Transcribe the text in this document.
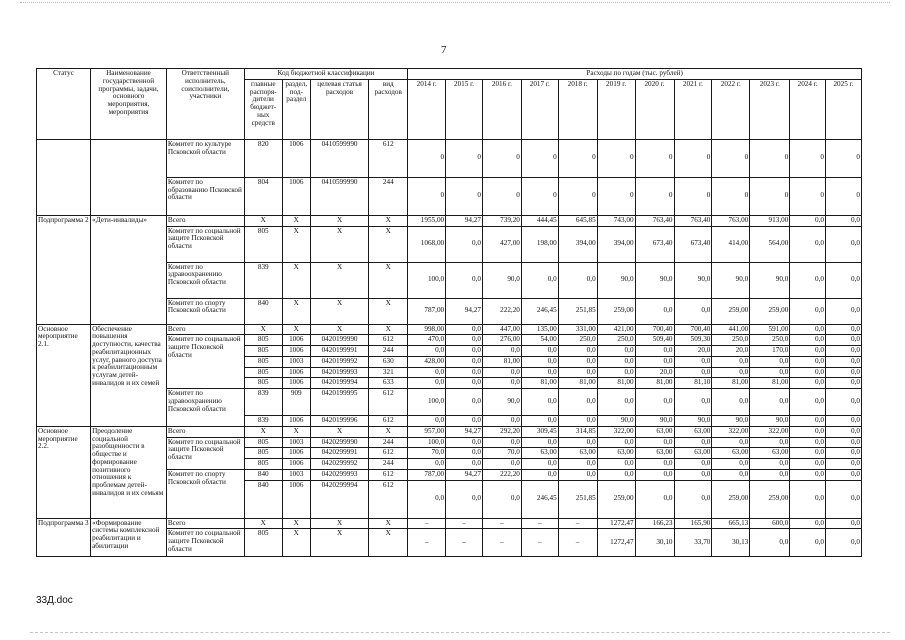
7
Статус	Наименование государственной программы, задачи, основного мероприятия, мероприятия	Ответственный исполнитель, соисполнители, участники	Код бюджетной классификации				Расходы по годам (тыс. рублей)											
			главные распоря-дители бюджет-ных средств	раздел, под-раздел	целевая статья расходов	вид расходов	2014 г.	2015 г.	2016 г.	2017 г.	2018 г.	2019 г.	2020 г.	2021 г.	2022 г.	2023 г.	2024 г.	2025 г.
		Комитет по культуре Псковской области	820	1006	0410599990	612	0	0	0	0	0	0	0	0	0	0	0	0
		Комитет по образованию Псковской области	804	1006	0410599990	244	0	0	0	0	0	0	0	0	0	0	0	0
Подпрограмма 2	«Дети-инвалиды»	Всего	X	X	X	X	1955,00	94,27	739,20	444,45	645,85	743,00	763,40	763,40	763,00	913,00	0,0	0,0
		Комитет по социальной защите Псковской области	805	X	X	X	1068,00	0,0	427,00	198,00	394,00	394,00	673,40	673,40	414,00	564,00	0,0	0,0
		Комитет по здравоохранению Псковской области	839	X	X	X	100,0	0,0	90,0	0,0	0,0	90,0	90,0	90,0	90,0	90,0	0,0	0,0
		Комитет по спорту Псковской области	840	X	X	X	787,00	94,27	222,20	246,45	251,85	259,00	0,0	0,0	259,00	259,00	0,0	0,0
Основное мероприятие 2.1.	Обеспечение повышения доступности, качества реабилитационных услуг, равного доступа к реабилитационным услугам детей-инвалидов и их семей	Всего	X	X	X	X	998,00	0,0	447,00	135,00	331,00	421,00	700,40	700,40	441,00	591,00	0,0	0,0
		Комитет по социальной защите Псковской области	805	1006	0420199990	612	470,0	0,0	276,00	54,00	250,0	250,0	509,40	509,30	250,0	250,0	0,0	0,0
			805	1006	0420199991	244	0,0	0,0	0,0	0,0	0,0	0,0	0,0	20,0	20,0	170,0	0,0	0,0
			805	1003	0420199992	630	428,00	0,0	81,00	0,0	0,0	0,0	0,0	0,0	0,0	0,0	0,0	0,0
			805	1006	0420199993	321	0,0	0,0	0,0	0,0	0,0	0,0	20,0	0,0	0,0	0,0	0,0	0,0
			805	1006	0420199994	633	0,0	0,0	0,0	81,00	81,00	81,00	81,00	81,10	81,00	81,00	0,0	0,0
		Комитет по здравоохранению Псковской области	839	909	0420199995	612	100,0	0,0	90,0	0,0	0,0	0,0	0,0	0,0	0,0	0,0	0,0	0,0
			839	1006	0420199996	612	0,0	0,0	0,0	0,0	0,0	90,0	90,0	90,0	90,0	90,0	0,0	0,0
Основное мероприятие 2.2.	Преодоление социальной разобщенности в обществе и формирование позитивного отношения к проблемам детей-инвалидов и их семьям	Всего	X	X	X	X	957,00	94,27	292,20	309,45	314,85	322,00	63,00	63,00	322,00	322,00	0,0	0,0
		Комитет по социальной защите Псковской области	805	1003	0420299990	244	100,0	0,0	0,0	0,0	0,0	0,0	0,0	0,0	0,0	0,0	0,0	0,0
			805	1006	0420299991	612	70,0	0,0	70,0	63,00	63,00	63,00	63,00	63,00	63,00	63,00	0,0	0,0
			805	1006	0420299992	244	0,0	0,0	0,0	0,0	0,0	0,0	0,0	0,0	0,0	0,0	0,0	0,0
		Комитет по спорту Псковской области	840	1003	0420299993	612	787,00	94,27	222,20	0,0	0,0	0,0	0,0	0,0	0,0	0,0	0,0	0,0
			840	1006	0420299994	612	0,0	0,0	0,0	246,45	251,85	259,00	0,0	0,0	259,00	259,00	0,0	0,0
Подпрограмма 3	«Формирование системы комплексной реабилитации и абилитации	Всего	X	X	X	X	–	–	–	–	–	1272,47	166,23	165,90	665,13	600,0	0,0	0,0
		Комитет по социальной защите Псковской области	805	X	X	X	–	–	–	–	–	1272,47	30,10	33,70	30,13	0,0	0,0	0,0
33Д.doc
